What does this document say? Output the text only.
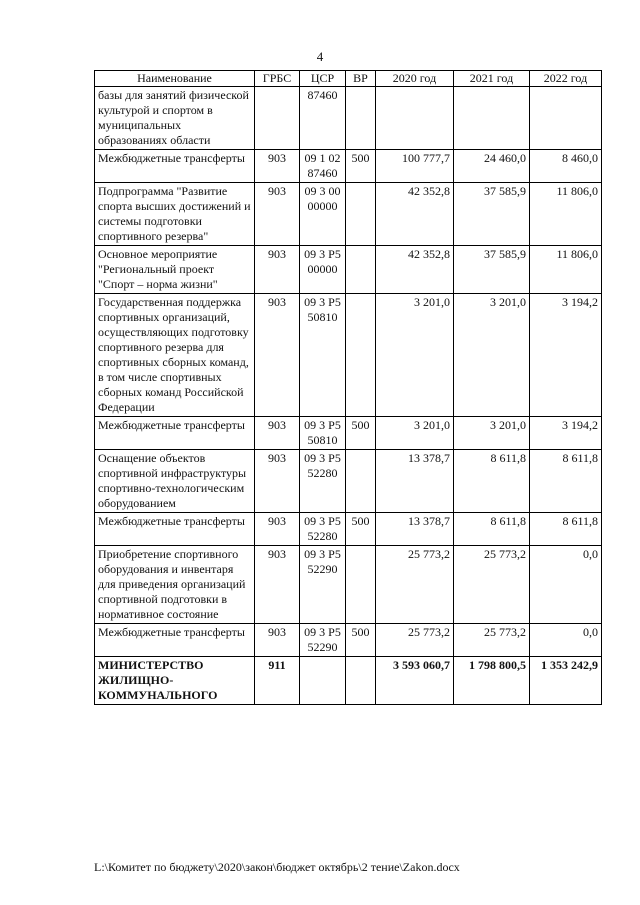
4
Наименование	ГРБС	ЦСР	ВР	2020 год	2021 год	2022 год
базы для занятий физической культурой и спортом в муниципальных образованиях области		87460				
Межбюджетные трансферты	903	09 1 02 87460	500	100 777,7	24 460,0	8 460,0
Подпрограмма "Развитие спорта высших достижений и системы подготовки спортивного резерва"	903	09 3 00 00000		42 352,8	37 585,9	11 806,0
Основное мероприятие "Региональный проект "Спорт – норма жизни"	903	09 3 P5 00000		42 352,8	37 585,9	11 806,0
Государственная поддержка спортивных организаций, осуществляющих подготовку спортивного резерва для спортивных сборных команд, в том числе спортивных сборных команд Российской Федерации	903	09 3 P5 50810		3 201,0	3 201,0	3 194,2
Межбюджетные трансферты	903	09 3 P5 50810	500	3 201,0	3 201,0	3 194,2
Оснащение объектов спортивной инфраструктуры спортивно-технологическим оборудованием	903	09 3 P5 52280		13 378,7	8 611,8	8 611,8
Межбюджетные трансферты	903	09 3 P5 52280	500	13 378,7	8 611,8	8 611,8
Приобретение спортивного оборудования и инвентаря для приведения организаций спортивной подготовки в нормативное состояние	903	09 3 P5 52290		25 773,2	25 773,2	0,0
Межбюджетные трансферты	903	09 3 P5 52290	500	25 773,2	25 773,2	0,0
МИНИСТЕРСТВО ЖИЛИЩНО-КОММУНАЛЬНОГО	911			3 593 060,7	1 798 800,5	1 353 242,9
L:\Комитет по бюджету\2020\закон\бюджет октябрь\2 тение\Zakon.docx
